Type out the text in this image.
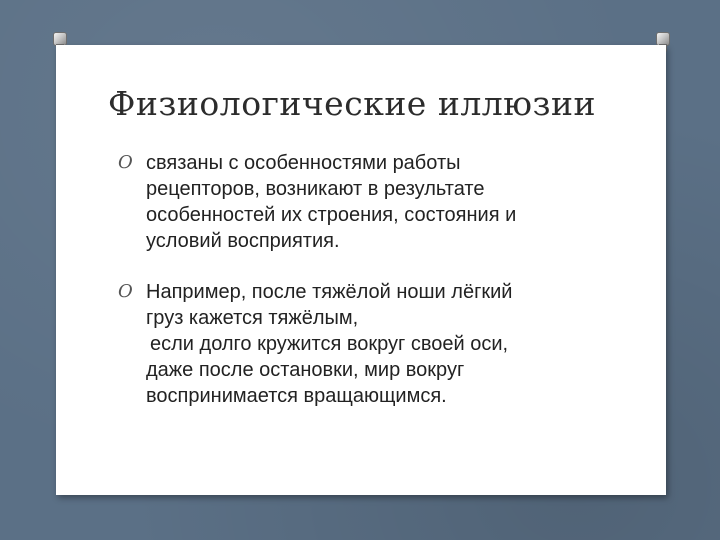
Физиологические иллюзии
O связаны с особенностями работы
рецепторов, возникают в результате
особенностей их строения, состояния и
условий восприятия.
O Например, после тяжёлой ноши лёгкий
груз кажется тяжёлым,
если долго кружится вокруг своей оси,
даже после остановки, мир вокруг
воспринимается вращающимся.
